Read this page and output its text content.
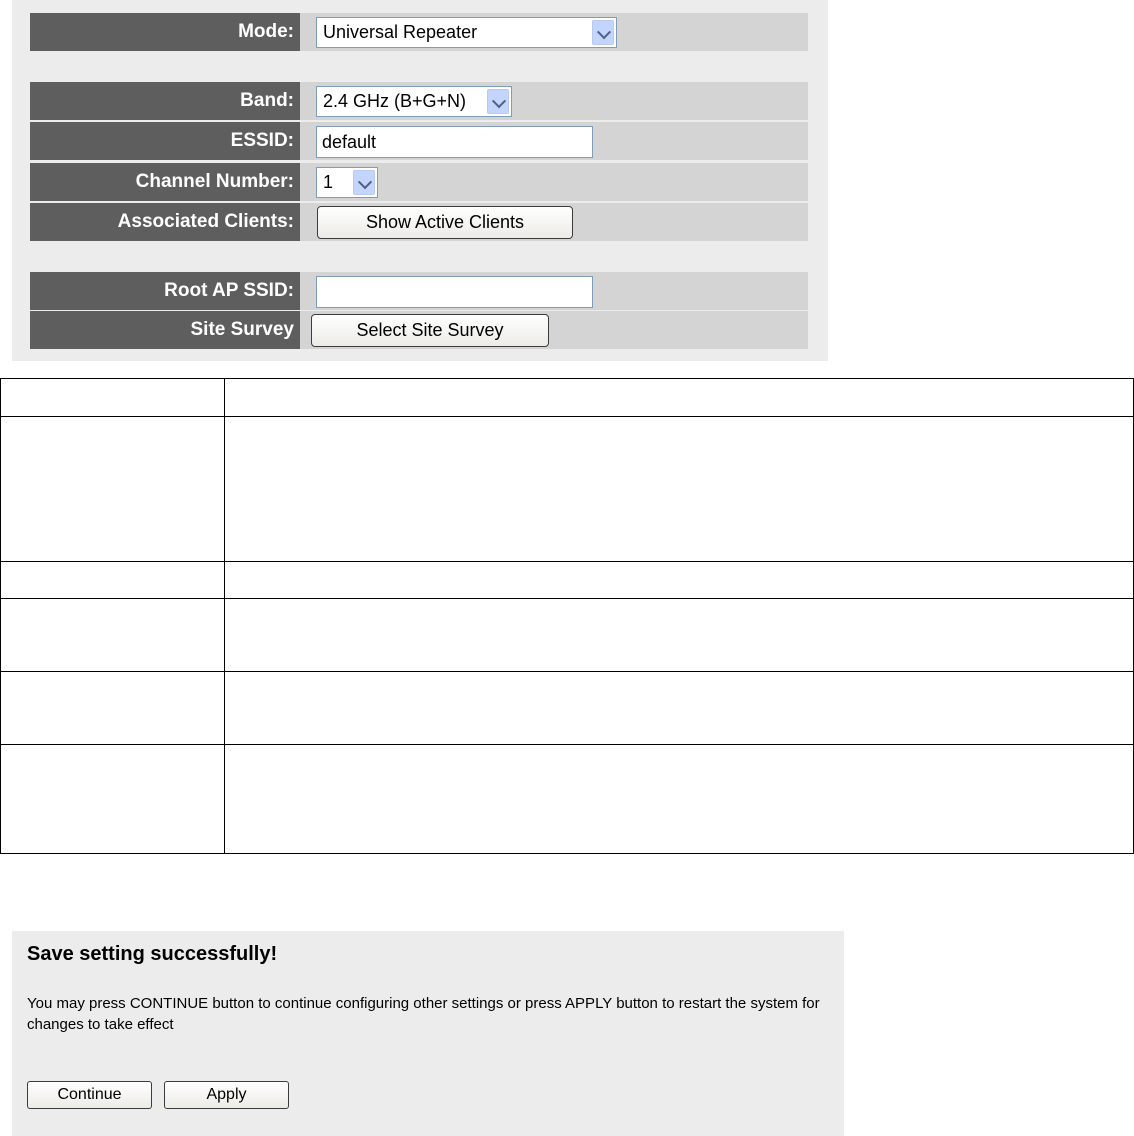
Mode:	Universal Repeater
Band:	2.4 GHz (B+G+N)
ESSID:	default
Channel Number:	1
Associated Clients:	Show Active Clients
Root AP SSID:
Site Survey	Select Site Survey
Save setting successfully!
You may press CONTINUE button to continue configuring other settings or press APPLY button to restart the system for changes to take effect
Continue	Apply
